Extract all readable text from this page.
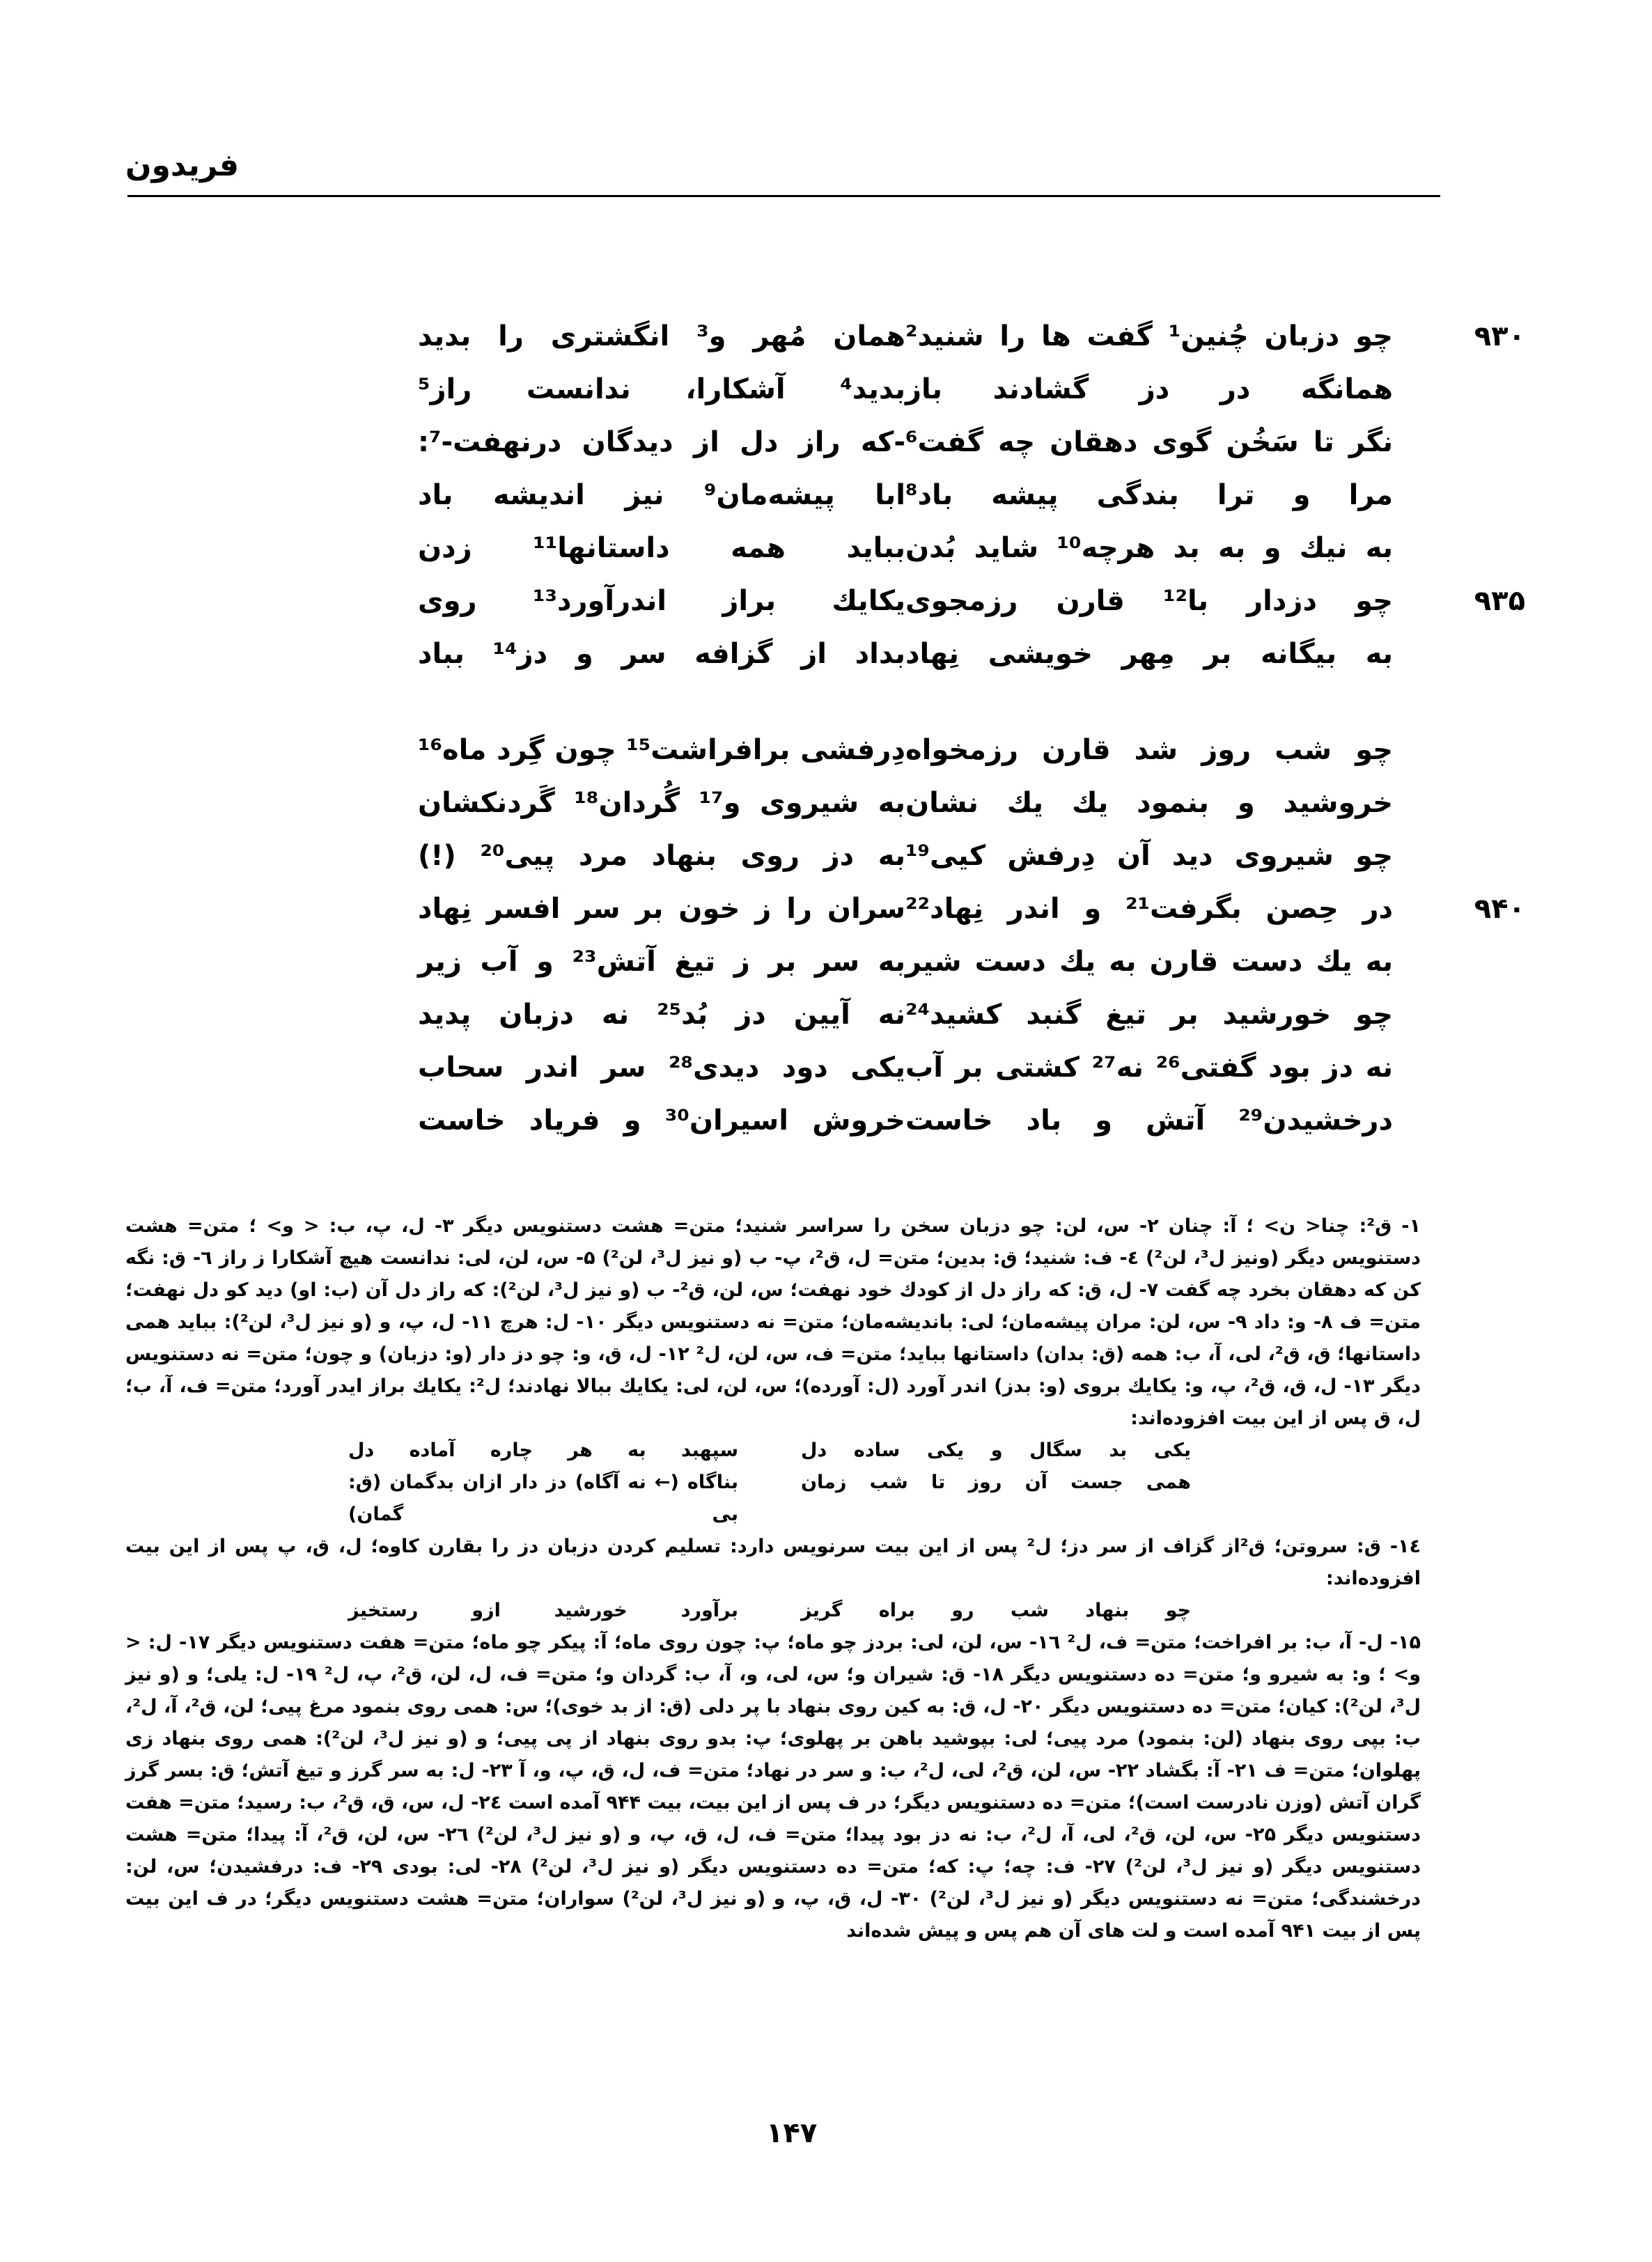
فریدون
۹۳۰
چو دزبان چُنین¹ گفت ها را شنید²
همان مُهر و³ انگشتری را بدید
همانگه در دز گشادند باز
بدید⁴ آشکارا، ندانست راز⁵
نگر تا سَخُن گوی دهقان چه گفت⁶
-که راز دل از دیدگان درنهفت-⁷:
مرا و ترا بندگی پیشه باد⁸
ابا پیشه‌مان⁹ نیز اندیشه باد
به نیك و به بد هرچه¹⁰ شاید بُدن
بباید همه داستانها¹¹ زدن
۹۳۵
چو دزدار با¹² قارن رزمجوی
یکایك براز اندرآورد¹³ روی
به بیگانه بر مِهر خویشی نِهاد
بداد از گزافه سر و دز¹⁴ بباد
چو شب روز شد قارن رزمخواه
دِرفشی برافراشت¹⁵ چون گِرد ماه¹⁶
خروشید و بنمود یك یك نشان
به شیروی و¹⁷ گُردان¹⁸ گَردنکشان
چو شیروی دید آن دِرفش کیی¹⁹
به دز روی بنهاد مرد پیی²⁰ (!)
۹۴۰
در حِصن بگرفت²¹ و اندر نِهاد²²
سران را ز خون بر سر افسر نِهاد
به یك دست قارن به یك دست شیر
به سر بر ز تیغ آتش²³ و آب زیر
چو خورشید بر تیغ گنبد کشید²⁴
نه آیین دز بُد²⁵ نه دزبان پدید
نه دز بود گفتی²⁶ نه²⁷ کشتی بر آب
یکی دود دیدی²⁸ سر اندر سحاب
درخشیدن²⁹ آتش و باد خاست
خروش اسیران³⁰ و فریاد خاست
۱- ق²: چنا< ن> ؛ آ: چنان ۲- س، لن: چو دزبان سخن را سراسر شنید؛ متن= هشت دستنویس دیگر ۳- ل، پ، ب: < و> ؛ متن= هشت دستنویس دیگر (ونیز ل³، لن²) ٤- ف: شنید؛ ق: بدین؛ متن= ل، ق²، پ- ب (و نیز ل³، لن²) ۵- س، لن، لی: ندانست هیچ آشکارا ز راز ٦- ق: نگه کن که دهقان بخرد چه گفت ۷- ل، ق: که راز دل از کودك خود نهفت؛ س، لن، ق²- ب (و نیز ل³، لن²): که راز دل آن (ب: او) دید کو دل نهفت؛ متن= ف ۸- و: داد ۹- س، لن: مران پیشه‌مان؛ لی: باندیشه‌مان؛ متن= نه دستنویس دیگر ۱۰- ل: هرچ ۱۱- ل، پ، و (و نیز ل³، لن²): بباید همی داستانها؛ ق، ق²، لی، آ، ب: همه (ق: بدان) داستانها بباید؛ متن= ف، س، لن، ل² ۱۲- ل، ق، و: چو دز دار (و: دزبان) و چون؛ متن= نه دستنویس دیگر ۱۳- ل، ق، ق²، پ، و: یکایك بروی (و: بدز) اندر آورد (ل: آورده)؛ س، لن، لی: یکایك ببالا نهادند؛ ل²: یکایك براز ایدر آورد؛ متن= ف، آ، ب؛ ل، ق پس از این بیت افزوده‌اند:
یکی بد سگال و یکی ساده دل
سپهبد به هر چاره آماده دل
همی جست آن روز تا شب زمان
بناگاه (← نه آگاه) دز دار ازان بدگمان (ق: بی گمان)
۱٤- ق: سروتن؛ ق²از گزاف از سر دز؛ ل² پس از این بیت سرنویس دارد: تسلیم کردن دزبان دز را بقارن کاوه؛ ل، ق، پ پس از این بیت افزوده‌اند:
چو بنهاد شب رو براه گریز
برآورد خورشید ازو رستخیز
۱۵- ل- آ، ب: بر افراخت؛ متن= ف، ل² ۱٦- س، لن، لی: بردز چو ماه؛ پ: چون روی ماه؛ آ: پیکر چو ماه؛ متن= هفت دستنویس دیگر ۱۷- ل: < و> ؛ و: به شیرو و؛ متن= ده دستنویس دیگر ۱۸- ق: شیران و؛ س، لی، و، آ، ب: گردان و؛ متن= ف، ل، لن، ق²، پ، ل² ۱۹- ل: یلی؛ و (و نیز ل³، لن²): کیان؛ متن= ده دستنویس دیگر ۲۰- ل، ق: به کین روی بنهاد با پر دلی (ق: از بد خوی)؛ س: همی روی بنمود مرغ پیی؛ لن، ق²، آ، ل²، ب: بپی روی بنهاد (لن: بنمود) مرد پیی؛ لی: بپوشید باهن بر پهلوی؛ پ: بدو روی بنهاد از پی پیی؛ و (و نیز ل³، لن²): همی روی بنهاد زی پهلوان؛ متن= ف ۲۱- آ: بگشاد ۲۲- س، لن، ق²، لی، ل²، ب: و سر در نهاد؛ متن= ف، ل، ق، پ، و، آ ۲۳- ل: به سر گرز و تیغ آتش؛ ق: بسر گرز گران آتش (وزن نادرست است)؛ متن= ده دستنویس دیگر؛ در ف پس از این بیت، بیت ۹۴۴ آمده است ۲٤- ل، س، ق، ق²، ب: رسید؛ متن= هفت دستنویس دیگر ۲۵- س، لن، ق²، لی، آ، ل²، ب: نه دز بود پیدا؛ متن= ف، ل، ق، پ، و (و نیز ل³، لن²) ۲٦- س، لن، ق²، آ: پیدا؛ متن= هشت دستنویس دیگر (و نیز ل³، لن²) ۲۷- ف: چه؛ پ: که؛ متن= ده دستنویس دیگر (و نیز ل³، لن²) ۲۸- لی: بودی ۲۹- ف: درفشیدن؛ س، لن: درخشندگی؛ متن= نه دستنویس دیگر (و نیز ل³، لن²) ۳۰- ل، ق، پ، و (و نیز ل³، لن²) سواران؛ متن= هشت دستنویس دیگر؛ در ف این بیت پس از بیت ۹۴۱ آمده است و لت های آن هم پس و پیش شده‌اند
۱۴۷
